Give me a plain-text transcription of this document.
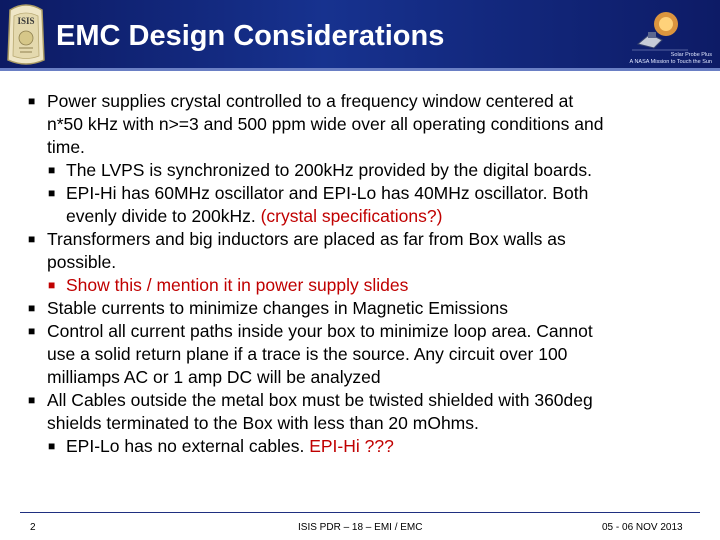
ISIS EMC Design Considerations
Solar Probe Plus
A NASA Mission to Touch the Sun
■ Power supplies crystal controlled to a frequency window centered at
n*50 kHz with n>=3 and 500 ppm wide over all operating conditions and
time.
■ The LVPS is synchronized to 200kHz provided by the digital boards.
■ EPI-Hi has 60MHz oscillator and EPI-Lo has 40MHz oscillator. Both
evenly divide to 200kHz. (crystal specifications?)
■ Transformers and big inductors are placed as far from Box walls as
possible.
■ Show this / mention it in power supply slides
■ Stable currents to minimize changes in Magnetic Emissions
■ Control all current paths inside your box to minimize loop area. Cannot
use a solid return plane if a trace is the source. Any circuit over 100
milliamps AC or 1 amp DC will be analyzed
■ All Cables outside the metal box must be twisted shielded with 360deg
shields terminated to the Box with less than 20 mOhms.
■ EPI-Lo has no external cables. EPI-Hi ???
2	ISIS PDR – 18 – EMI / EMC	05 - 06 NOV 2013
